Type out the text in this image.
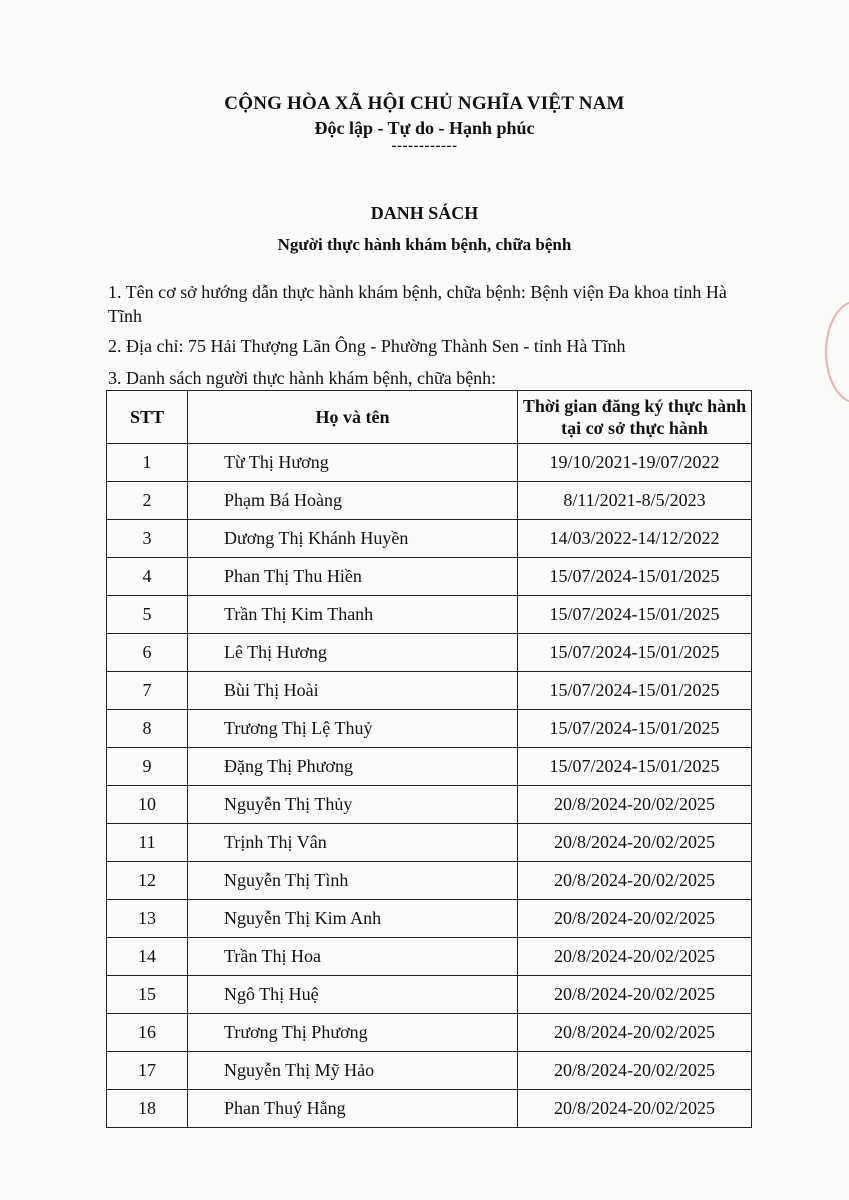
CỘNG HÒA XÃ HỘI CHỦ NGHĨA VIỆT NAM
Độc lập - Tự do - Hạnh phúc
------------
DANH SÁCH
Người thực hành khám bệnh, chữa bệnh
1. Tên cơ sở hướng dẫn thực hành khám bệnh, chữa bệnh: Bệnh viện Đa khoa tỉnh Hà Tĩnh
2. Địa chỉ: 75 Hải Thượng Lãn Ông - Phường Thành Sen - tỉnh Hà Tĩnh
3. Danh sách người thực hành khám bệnh, chữa bệnh:
STT	Họ và tên	Thời gian đăng ký thực hành
tại cơ sở thực hành
1	Từ Thị Hương	19/10/2021-19/07/2022
2	Phạm Bá Hoàng	8/11/2021-8/5/2023
3	Dương Thị Khánh Huyền	14/03/2022-14/12/2022
4	Phan Thị Thu Hiền	15/07/2024-15/01/2025
5	Trần Thị Kim Thanh	15/07/2024-15/01/2025
6	Lê Thị Hương	15/07/2024-15/01/2025
7	Bùi Thị Hoài	15/07/2024-15/01/2025
8	Trương Thị Lệ Thuỷ	15/07/2024-15/01/2025
9	Đặng Thị Phương	15/07/2024-15/01/2025
10	Nguyễn Thị Thủy	20/8/2024-20/02/2025
11	Trịnh Thị Vân	20/8/2024-20/02/2025
12	Nguyễn Thị Tình	20/8/2024-20/02/2025
13	Nguyễn Thị Kim Anh	20/8/2024-20/02/2025
14	Trần Thị Hoa	20/8/2024-20/02/2025
15	Ngô Thị Huệ	20/8/2024-20/02/2025
16	Trương Thị Phương	20/8/2024-20/02/2025
17	Nguyễn Thị Mỹ Hảo	20/8/2024-20/02/2025
18	Phan Thuý Hằng	20/8/2024-20/02/2025
